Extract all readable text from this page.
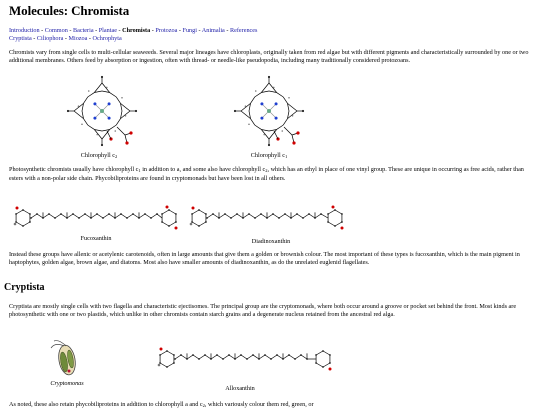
Molecules: Chromista
Introduction - Common - Bacteria - Plantae - Chromista - Protozoa - Fungi - Animalia - References
Cryptista - Ciliophora - Miozoa - Ochrophyta
Chromists vary from single cells to multi-cellular seaweeds. Several major lineages have chloroplasts, originally taken from red algae but with different pigments and characteristically surrounded by one or two additional membranes. Others feed by absorption or ingestion, often with thread- or needle-like pseudopodia, including many traditionally considered protozoans.
Chlorophyll $c_2$	Chlorophyll $c_1$
Photosynthetic chromists usually have chlorophyll $c_1$ in addition to a, and some also have chlorophyll $c_2$, which has an ethyl in place of one vinyl group. These are unique in occurring as free acids, rather than esters with a non-polar side chain. Phycobiliproteins are found in cryptomonads but have been lost in all others.
Fucoxanthin	Diadinoxanthin
Instead these groups have allenic or acetylenic carotenoids, often in large amounts that give them a golden or brownish colour. The most important of these types is fucoxanthin, which is the main pigment in haptophytes, golden algae, brown algae, and diatoms. Most also have smaller amounts of diadinoxanthin, as do the unrelated euglenid flagellates.
Cryptista
Cryptista are mostly single cells with two flagella and characteristic ejectisomes. The principal group are the cryptomonads, where both occur around a groove or pocket set behind the front. Most kinds are photosynthetic with one or two plastids, which unlike in other chromists contain starch grains and a degenerate nucleus retained from the ancestral red alga.
Cryptomonas
Alloxanthin
As noted, these also retain phycobiliproteins in addition to chlorophyll a and $c_2$, which variously colour them red, green, or
